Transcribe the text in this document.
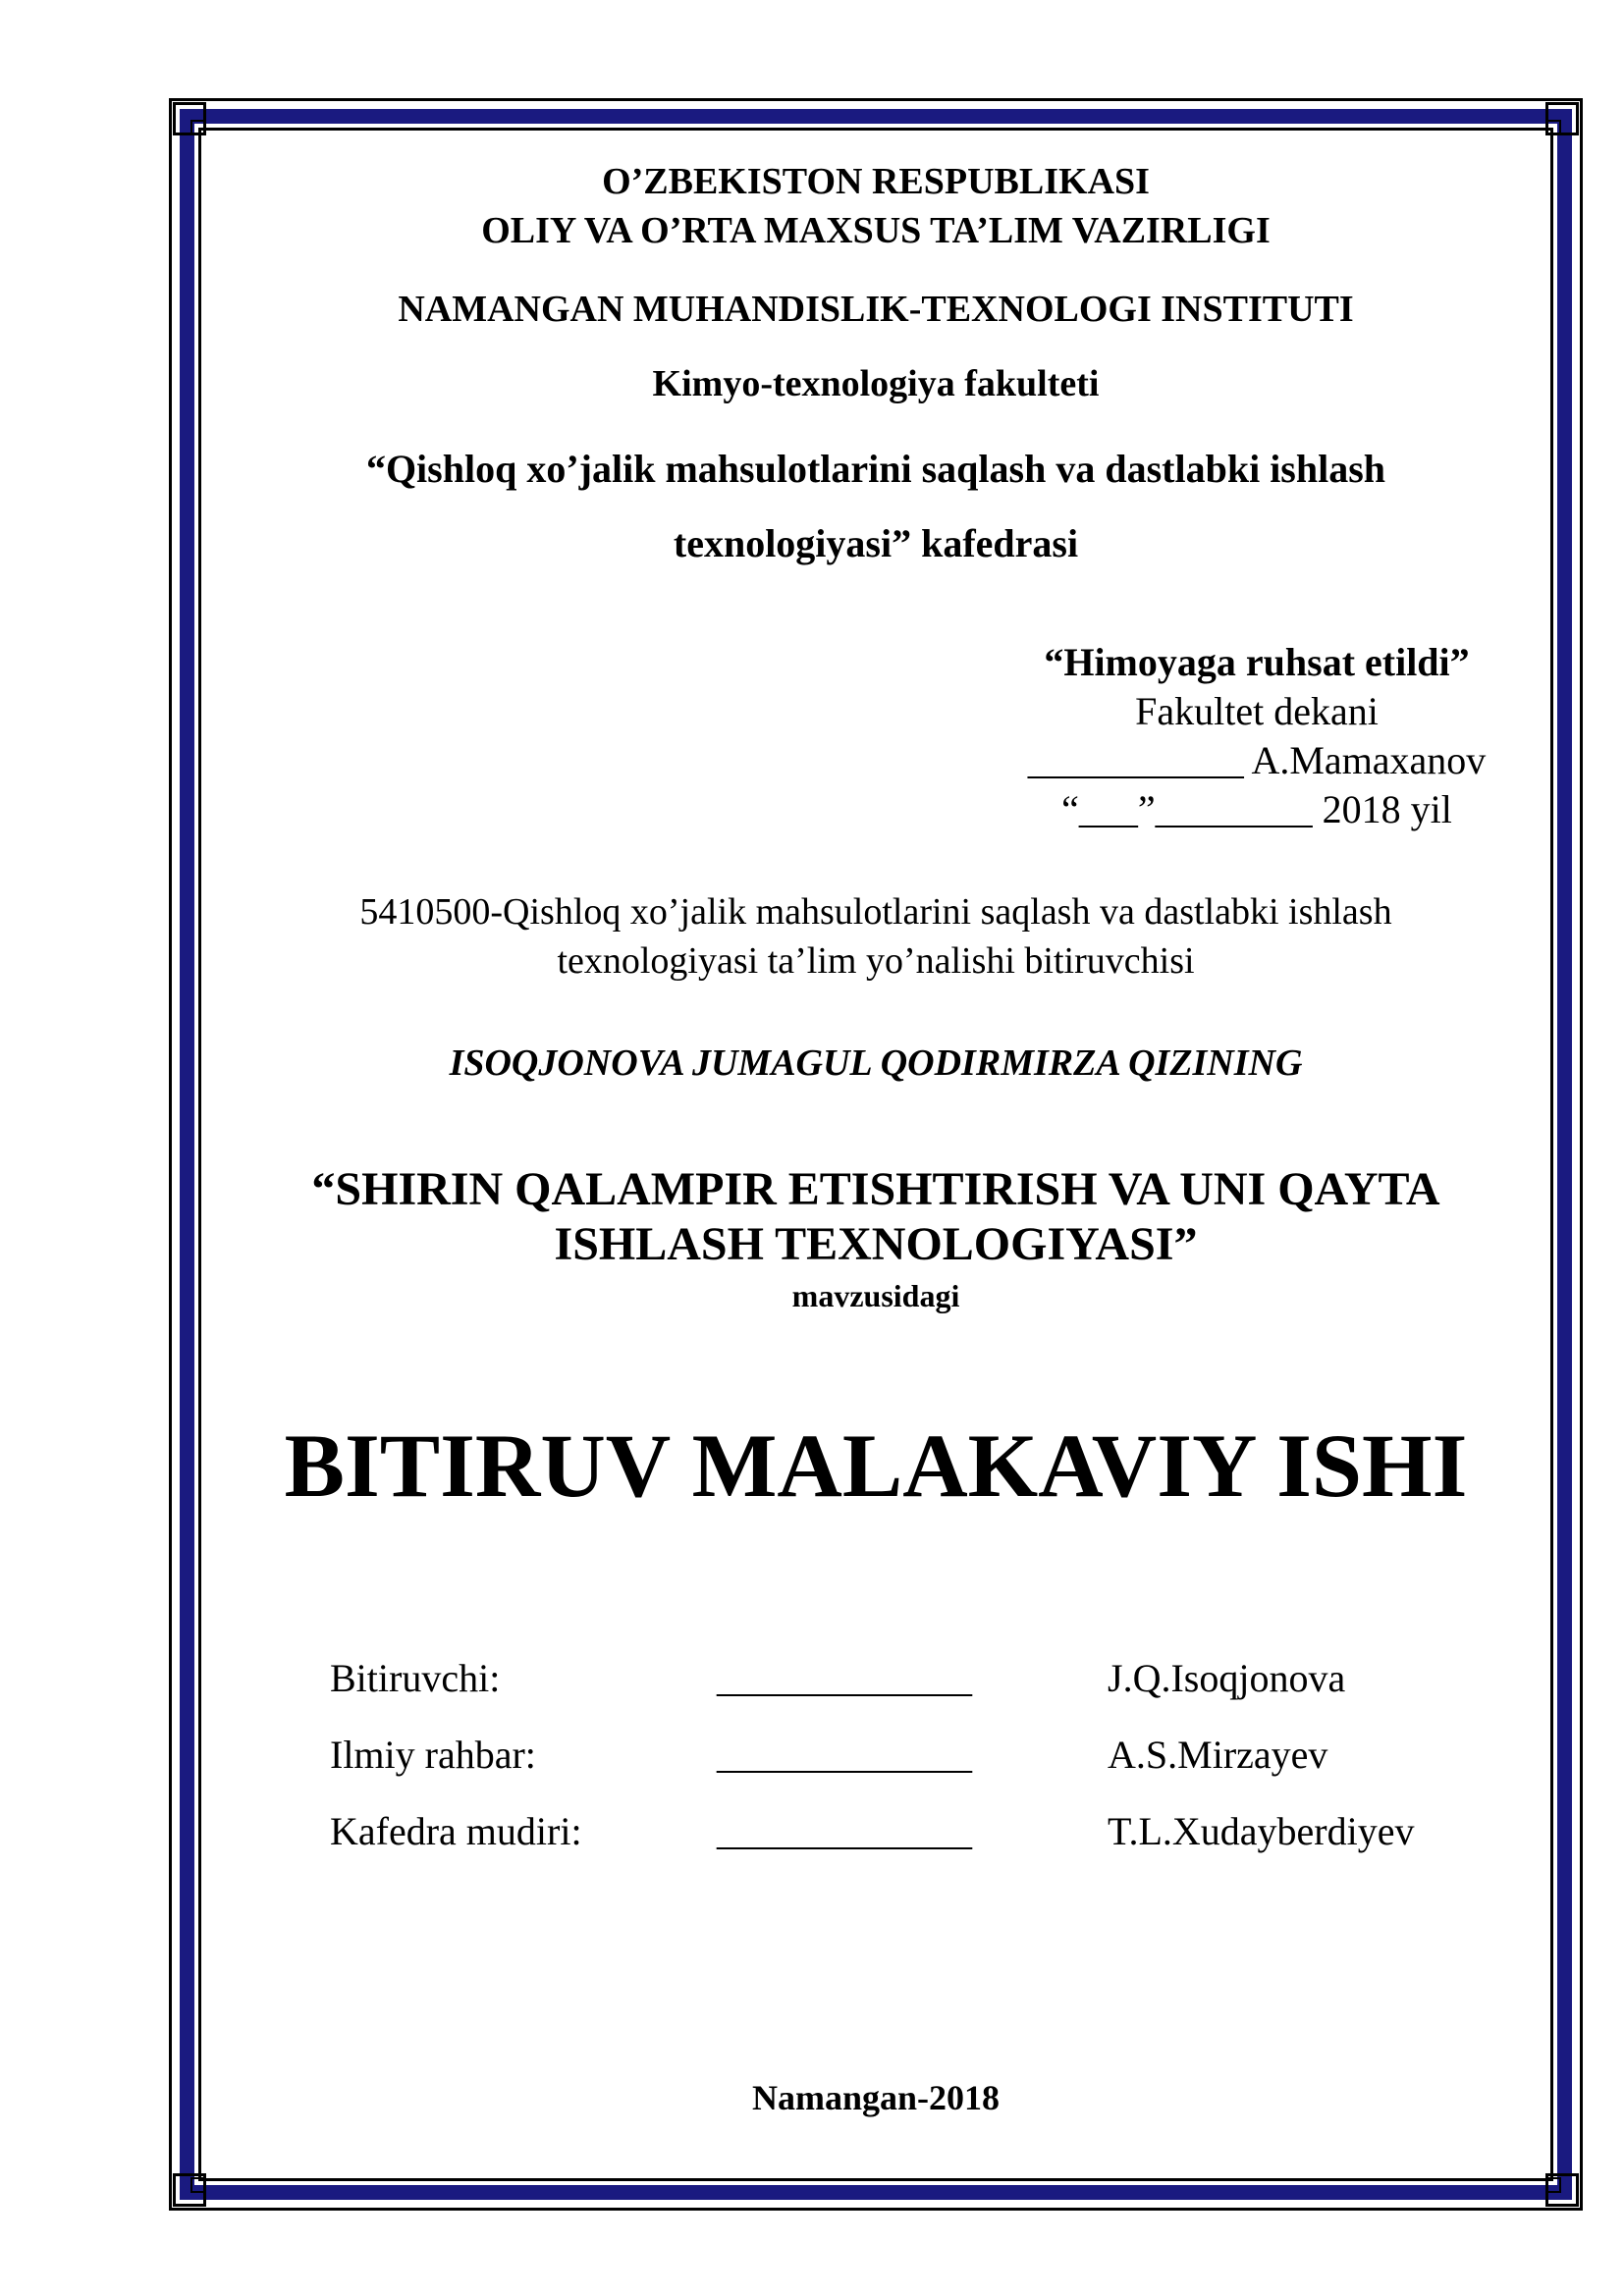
O’ZBEKISTON RESPUBLIKASI
OLIY VA O’RTA MAXSUS TA’LIM VAZIRLIGI
NAMANGAN MUHANDISLIK-TEXNOLOGI INSTITUTI
Kimyo-texnologiya fakulteti
“Qishloq xo’jalik mahsulotlarini saqlash va dastlabki ishlash
texnologiyasi” kafedrasi
“Himoyaga ruhsat etildi”
Fakultet dekani
___________ A.Mamaxanov
“___”________ 2018 yil
5410500-Qishloq xo’jalik mahsulotlarini saqlash va dastlabki ishlash
texnologiyasi ta’lim yo’nalishi bitiruvchisi
ISOQJONOVA JUMAGUL QODIRMIRZA QIZINING
“SHIRIN QALAMPIR ETISHTIRISH VA UNI QAYTA
ISHLASH TEXNOLOGIYASI”
mavzusidagi
BITIRUV MALAKAVIY ISHI
Bitiruvchi:	_____________	J.Q.Isoqjonova
Ilmiy rahbar:	_____________	A.S.Mirzayev
Kafedra mudiri:	_____________	T.L.Xudayberdiyev
Namangan-2018
